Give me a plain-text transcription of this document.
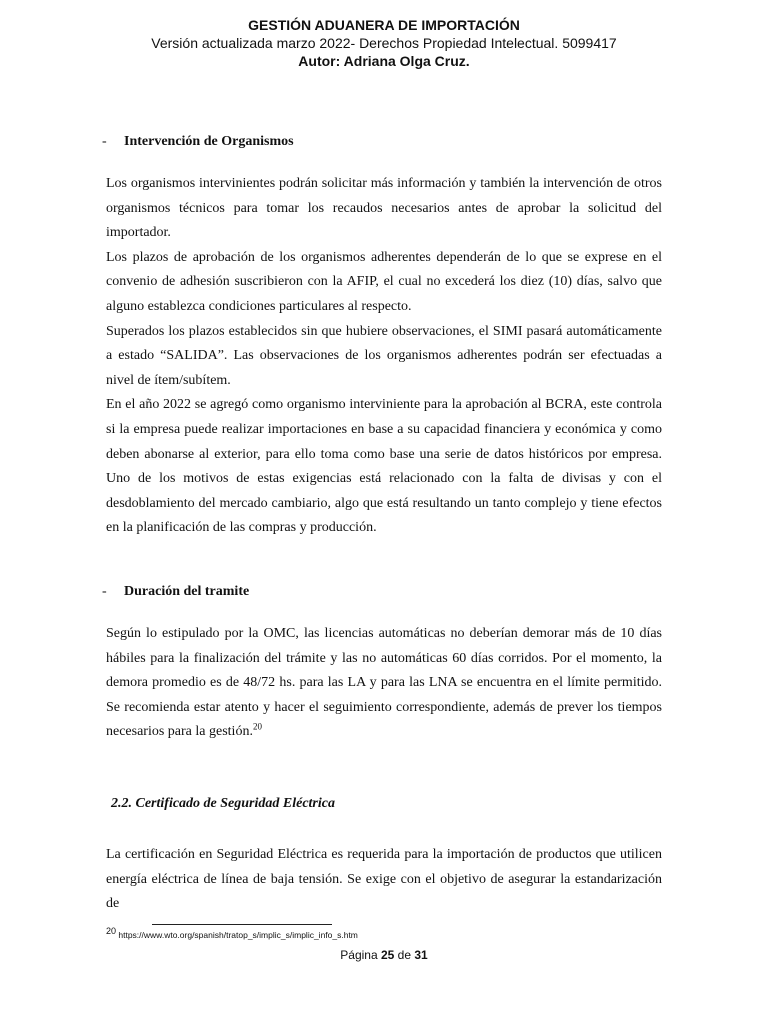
GESTIÓN ADUANERA DE IMPORTACIÓN
Versión actualizada marzo 2022- Derechos Propiedad Intelectual. 5099417
Autor: Adriana Olga Cruz.
- Intervención de Organismos

Los organismos intervinientes podrán solicitar más información y también la intervención de otros organismos técnicos para tomar los recaudos necesarios antes de aprobar la solicitud del importador.

Los plazos de aprobación de los organismos adherentes dependerán de lo que se exprese en el convenio de adhesión suscribieron con la AFIP, el cual no excederá los diez (10) días, salvo que alguno establezca condiciones particulares al respecto.

Superados los plazos establecidos sin que hubiere observaciones, el SIMI pasará automáticamente a estado “SALIDA”. Las observaciones de los organismos adherentes podrán ser efectuadas a nivel de ítem/subítem.

En el año 2022 se agregó como organismo interviniente para la aprobación al BCRA, este controla si la empresa puede realizar importaciones en base a su capacidad financiera y económica y como deben abonarse al exterior, para ello toma como base una serie de datos históricos por empresa. Uno de los motivos de estas exigencias está relacionado con la falta de divisas y con el desdoblamiento del mercado cambiario, algo que está resultando un tanto complejo y tiene efectos en la planificación de las compras y producción.

- Duración del tramite

Según lo estipulado por la OMC, las licencias automáticas no deberían demorar más de 10 días hábiles para la finalización del trámite y las no automáticas 60 días corridos. Por el momento, la demora promedio es de 48/72 hs. para las LA y para las LNA se encuentra en el límite permitido. Se recomienda estar atento y hacer el seguimiento correspondiente, además de prever los tiempos necesarios para la gestión.$^{20}$

2.2. Certificado de Seguridad Eléctrica

La certificación en Seguridad Eléctrica es requerida para la importación de productos que utilicen energía eléctrica de línea de baja tensión. Se exige con el objetivo de asegurar la estandarización de

$^{20}$ https://www.wto.org/spanish/tratop_s/implic_s/implic_info_s.htm
Página 25 de 31
